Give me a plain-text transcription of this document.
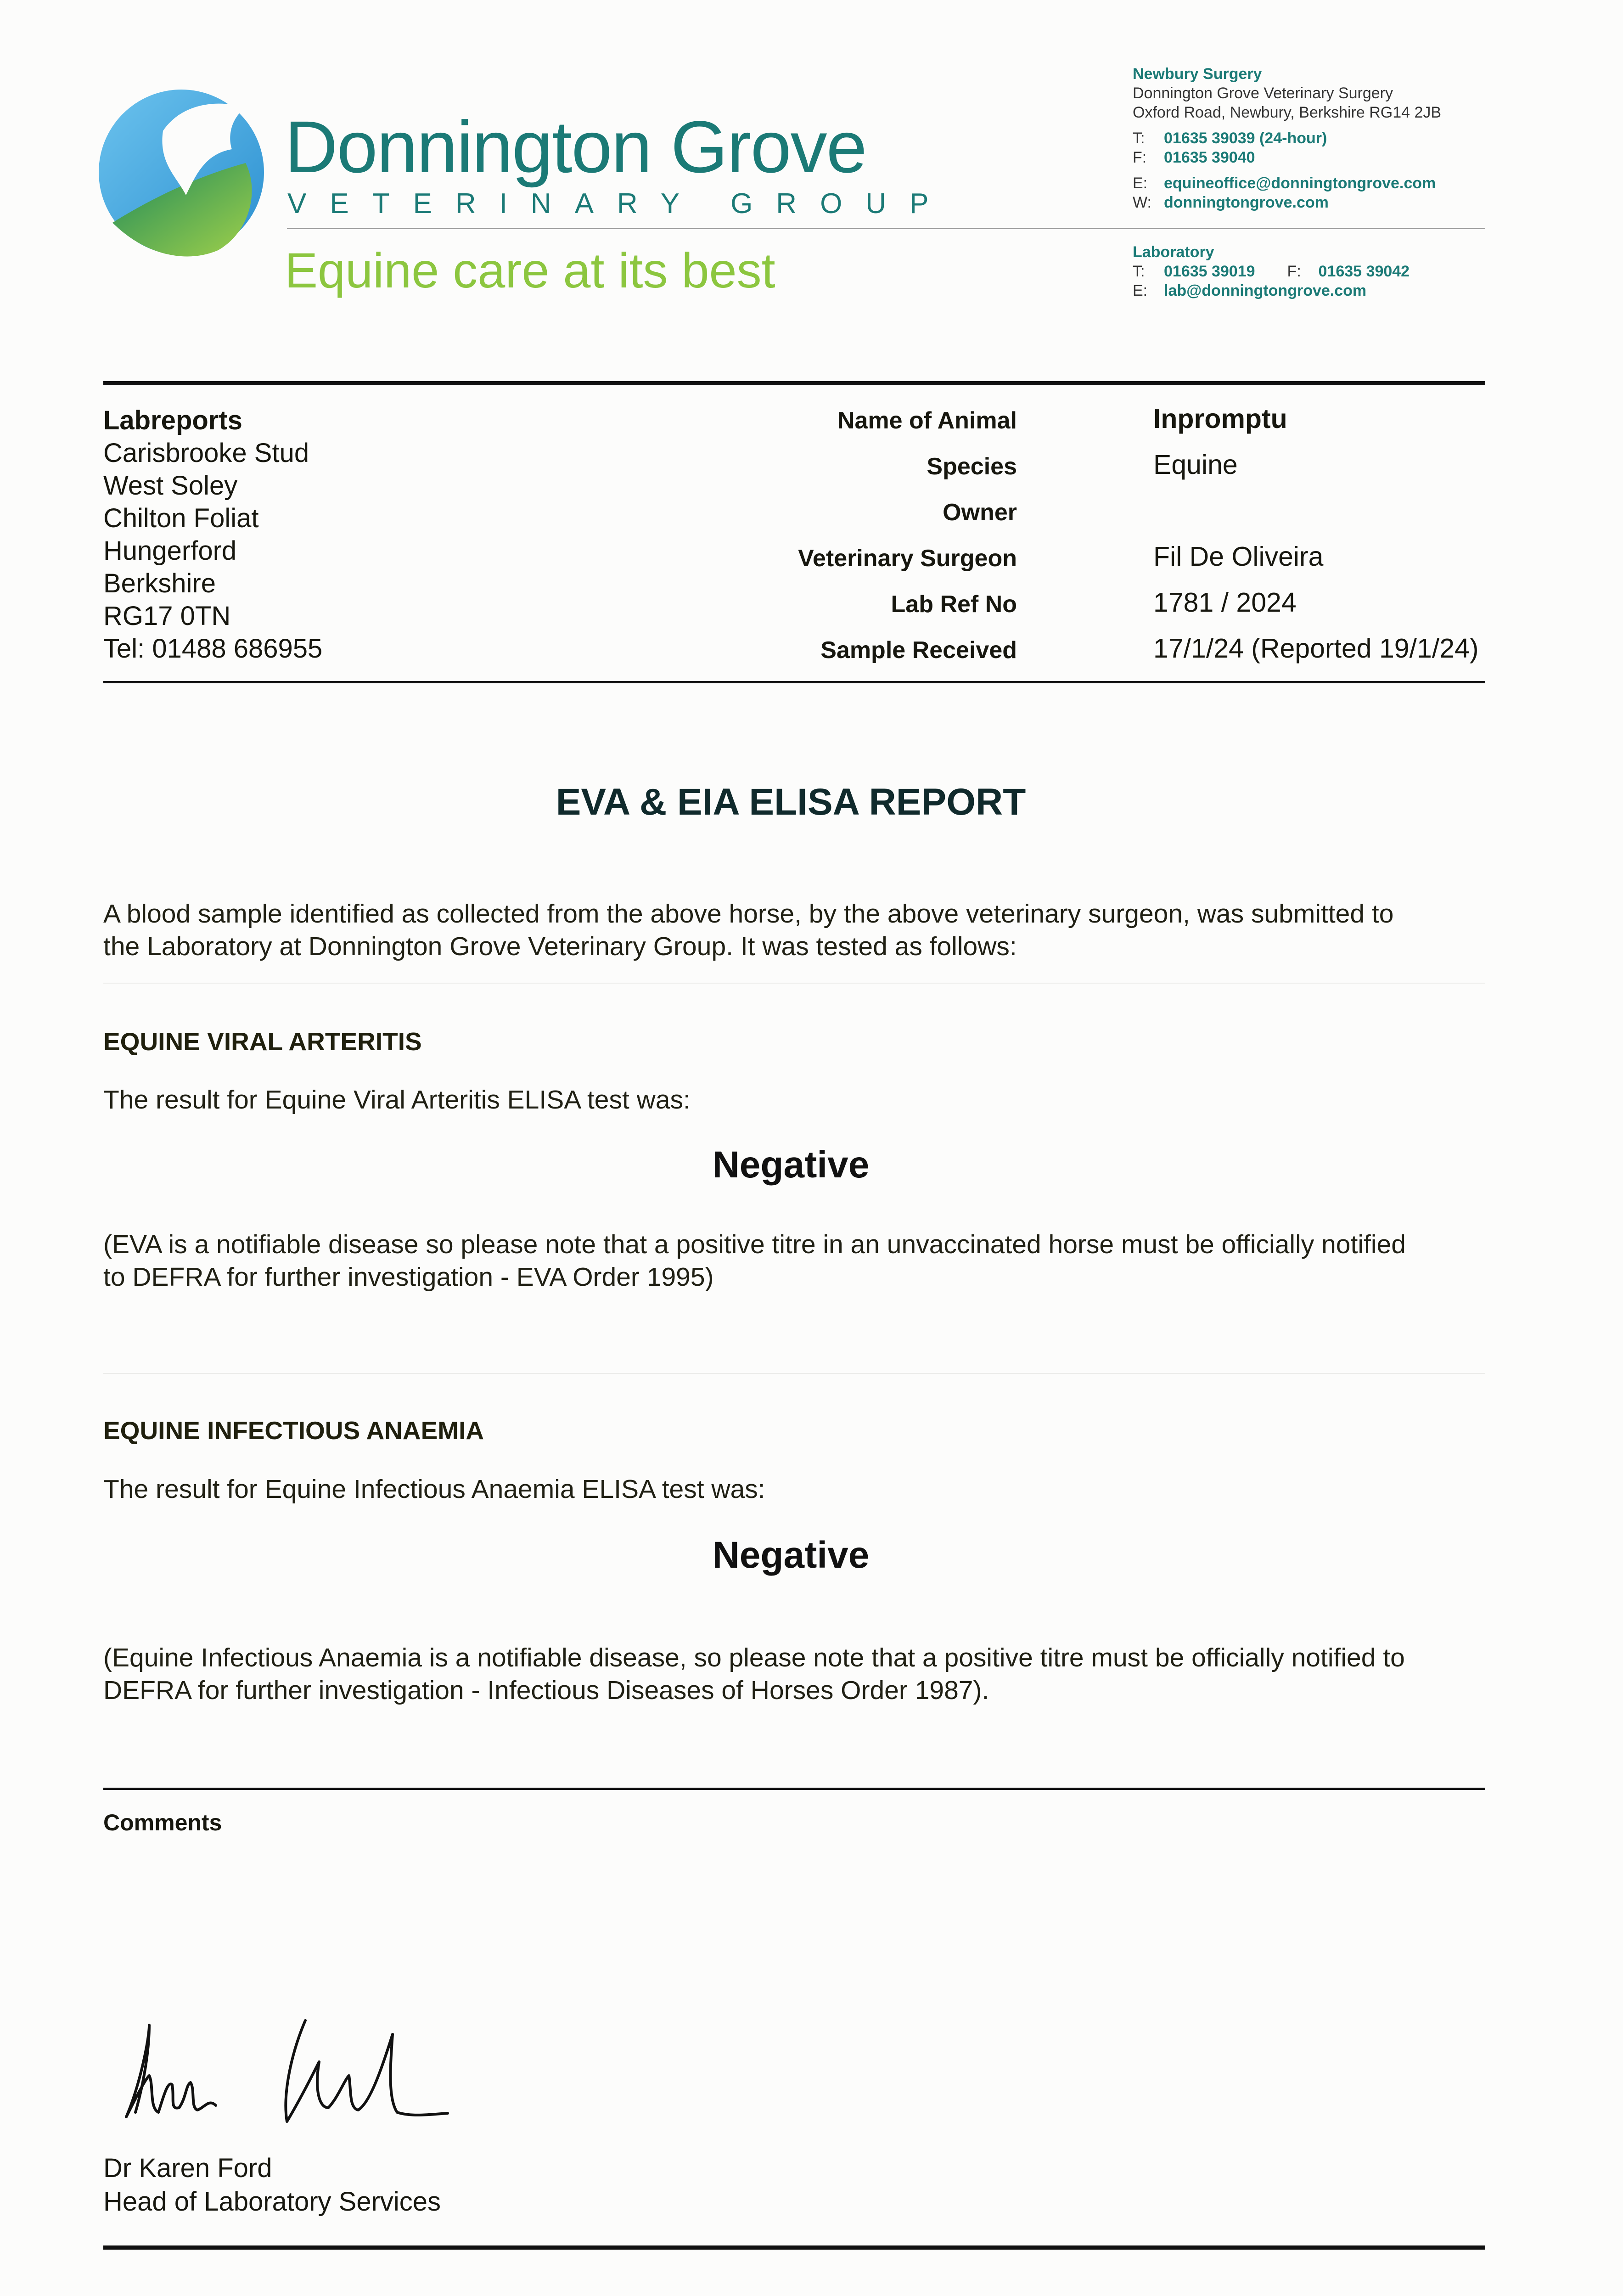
Donnington Grove
VETERINARY GROUP
Equine care at its best
Newbury Surgery
Donnington Grove Veterinary Surgery
Oxford Road, Newbury, Berkshire RG14 2JB
T: 01635 39039 (24-hour)
F: 01635 39040
E: equineoffice@donningtongrove.com
W: donningtongrove.com
Laboratory
T: 01635 39019 F: 01635 39042
E: lab@donningtongrove.com
Labreports
Carisbrooke Stud
West Soley
Chilton Foliat
Hungerford
Berkshire
RG17 0TN
Tel: 01488 686955
Name of Animal	Inpromptu
Species	Equine
Owner
Veterinary Surgeon	Fil De Oliveira
Lab Ref No	1781 / 2024
Sample Received	17/1/24 (Reported 19/1/24)
EVA & EIA ELISA REPORT
A blood sample identified as collected from the above horse, by the above veterinary surgeon, was submitted to
the Laboratory at Donnington Grove Veterinary Group. It was tested as follows:
EQUINE VIRAL ARTERITIS
The result for Equine Viral Arteritis ELISA test was:
Negative
(EVA is a notifiable disease so please note that a positive titre in an unvaccinated horse must be officially notified
to DEFRA for further investigation - EVA Order 1995)
EQUINE INFECTIOUS ANAEMIA
The result for Equine Infectious Anaemia ELISA test was:
Negative
(Equine Infectious Anaemia is a notifiable disease, so please note that a positive titre must be officially notified to
DEFRA for further investigation - Infectious Diseases of Horses Order 1987).
Comments
Dr Karen Ford
Head of Laboratory Services
